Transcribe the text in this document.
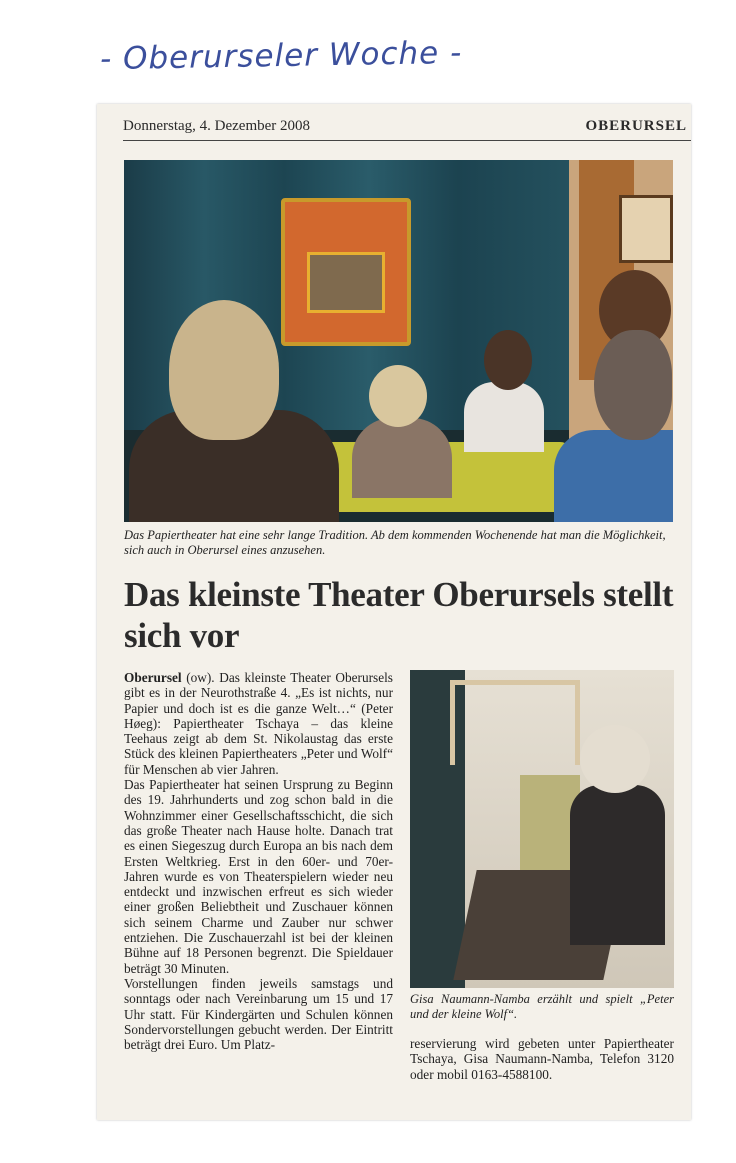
- Oberurseler Woche -
Donnerstag, 4. Dezember 2008	OBERURSEL
Das Papiertheater hat eine sehr lange Tradition. Ab dem kommenden Wochenende hat man die Möglichkeit, sich auch in Oberursel eines anzusehen.
Das kleinste Theater Oberursels stellt sich vor

Oberursel (ow). Das kleinste Theater Oberursels gibt es in der Neurothstraße 4. „Es ist nichts, nur Papier und doch ist es die ganze Welt…“ (Peter Høeg): Papiertheater Tschaya – das kleine Teehaus zeigt ab dem St. Nikolaustag das erste Stück des kleinen Papiertheaters „Peter und Wolf“ für Menschen ab vier Jahren.

Das Papiertheater hat seinen Ursprung zu Beginn des 19. Jahrhunderts und zog schon bald in die Wohnzimmer einer Gesellschaftsschicht, die sich das große Theater nach Hause holte. Danach trat es einen Siegeszug durch Europa an bis nach dem Ersten Weltkrieg. Erst in den 60er- und 70er-Jahren wurde es von Theaterspielern wieder neu entdeckt und inzwischen erfreut es sich wieder einer großen Beliebtheit und Zuschauer können sich seinem Charme und Zauber nur schwer entziehen. Die Zuschauerzahl ist bei der kleinen Bühne auf 18 Personen begrenzt. Die Spieldauer beträgt 30 Minuten.

Vorstellungen finden jeweils samstags und sonntags oder nach Vereinbarung um 15 und 17 Uhr statt. Für Kindergärten und Schulen können Sondervorstellungen gebucht werden. Der Eintritt beträgt drei Euro. Um Platz-

Gisa Naumann-Namba erzählt und spielt „Peter und der kleine Wolf“.
reservierung wird gebeten unter Papiertheater Tschaya, Gisa Naumann-Namba, Telefon 3120 oder mobil 0163-4588100.
